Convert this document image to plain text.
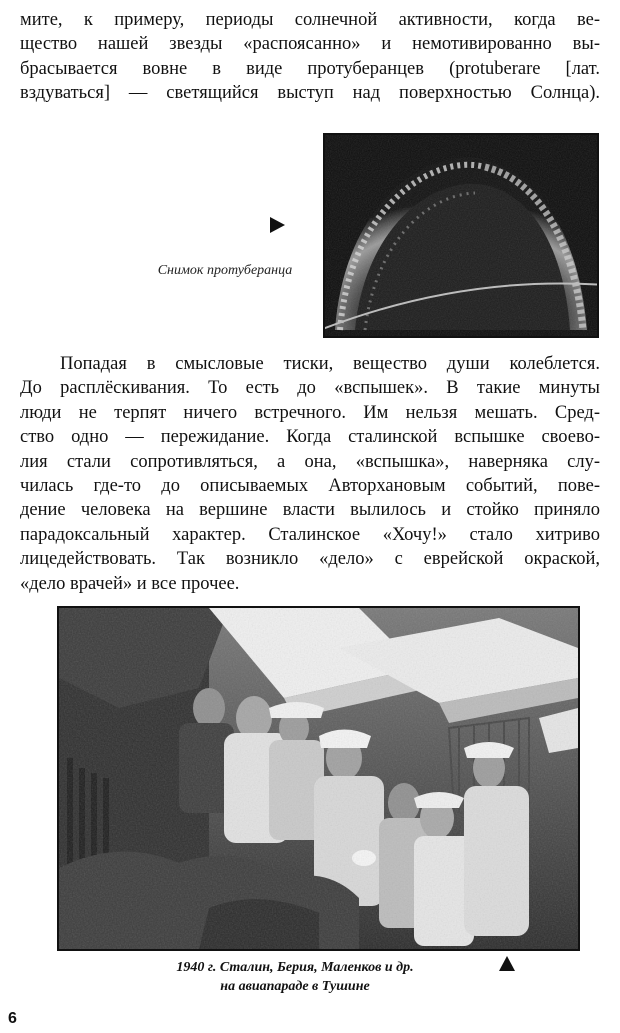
мите, к примеру, периоды солнечной активности, когда ве-
щество нашей звезды «распоясанно» и немотивированно вы-
брасывается вовне в виде протуберанцев (protuberare [лат.
вздуваться] — светящийся выступ над поверхностью Солнца).
Снимок протуберанца
Попадая в смысловые тиски, вещество души колеблется.
До расплёскивания. То есть до «вспышек». В такие минуты
люди не терпят ничего встречного. Им нельзя мешать. Сред-
ство одно — пережидание. Когда сталинской вспышке своево-
лия стали сопротивляться, а она, «вспышка», наверняка слу-
чилась где-то до описываемых Авторхановым событий, пове-
дение человека на вершине власти вылилось и стойко приняло
парадоксальный характер. Сталинское «Хочу!» стало хитриво
лицедействовать. Так возникло «дело» с еврейской окраской,
«дело врачей» и все прочее.
1940 г. Сталин, Берия, Маленков и др.
на авиапараде в Тушине
6
